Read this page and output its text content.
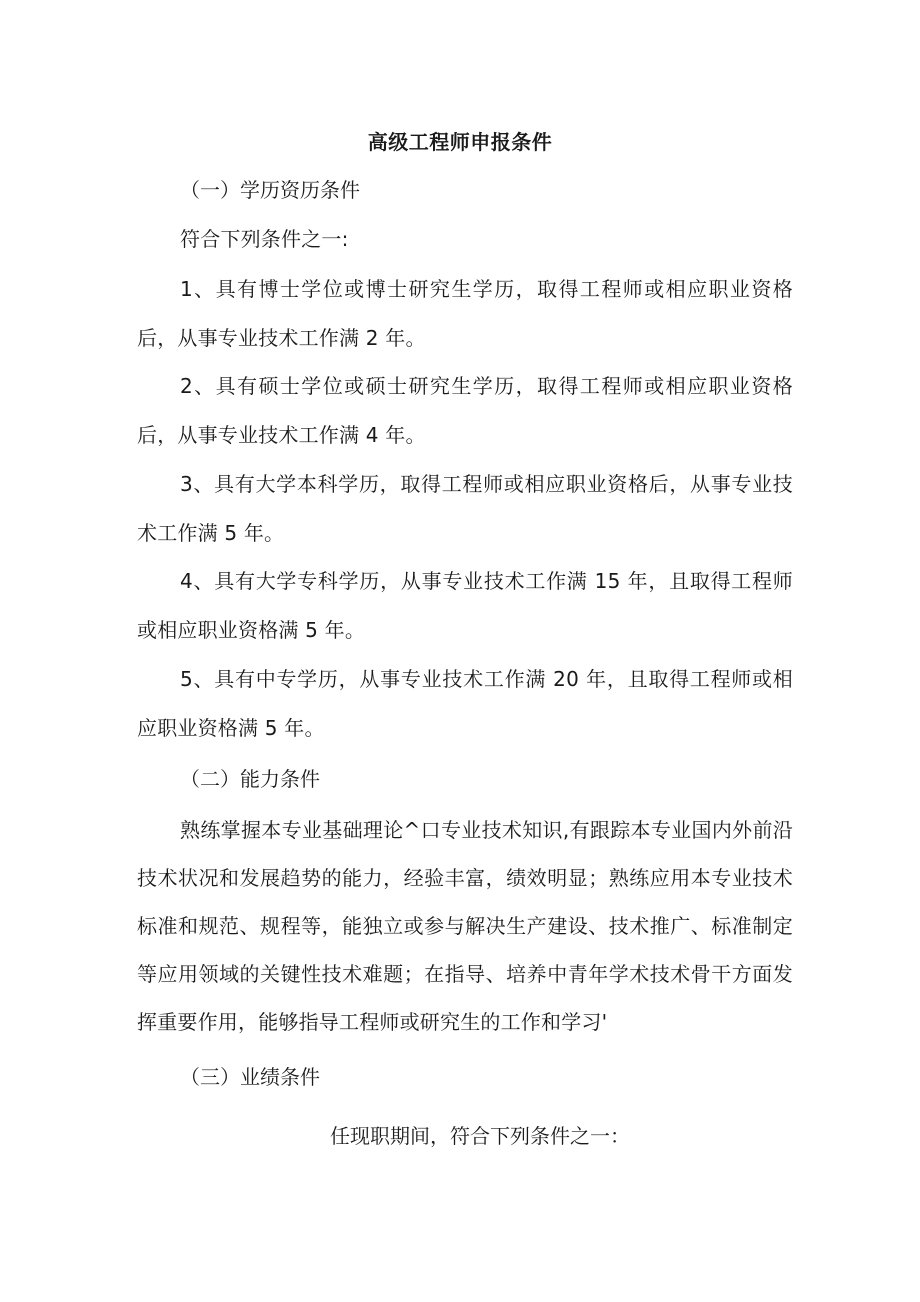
高级工程师申报条件
（一）学历资历条件
符合下列条件之一:
1、具有博士学位或博士研究生学历，取得工程师或相应职业资格后，从事专业技术工作满 2 年。
2、具有硕士学位或硕士研究生学历，取得工程师或相应职业资格后，从事专业技术工作满 4 年。
3、具有大学本科学历，取得工程师或相应职业资格后，从事专业技术工作满 5 年。
4、具有大学专科学历，从事专业技术工作满 15 年，且取得工程师或相应职业资格满 5 年。
5、具有中专学历，从事专业技术工作满 20 年，且取得工程师或相应职业资格满 5 年。
（二）能力条件
熟练掌握本专业基础理论^口专业技术知识,有跟踪本专业国内外前沿技术状况和发展趋势的能力，经验丰富，绩效明显；熟练应用本专业技术标准和规范、规程等，能独立或参与解决生产建设、技术推广、标准制定等应用领域的关键性技术难题；在指导、培养中青年学术技术骨干方面发挥重要作用，能够指导工程师或研究生的工作和学习'
（三）业绩条件
任现职期间，符合下列条件之一：
